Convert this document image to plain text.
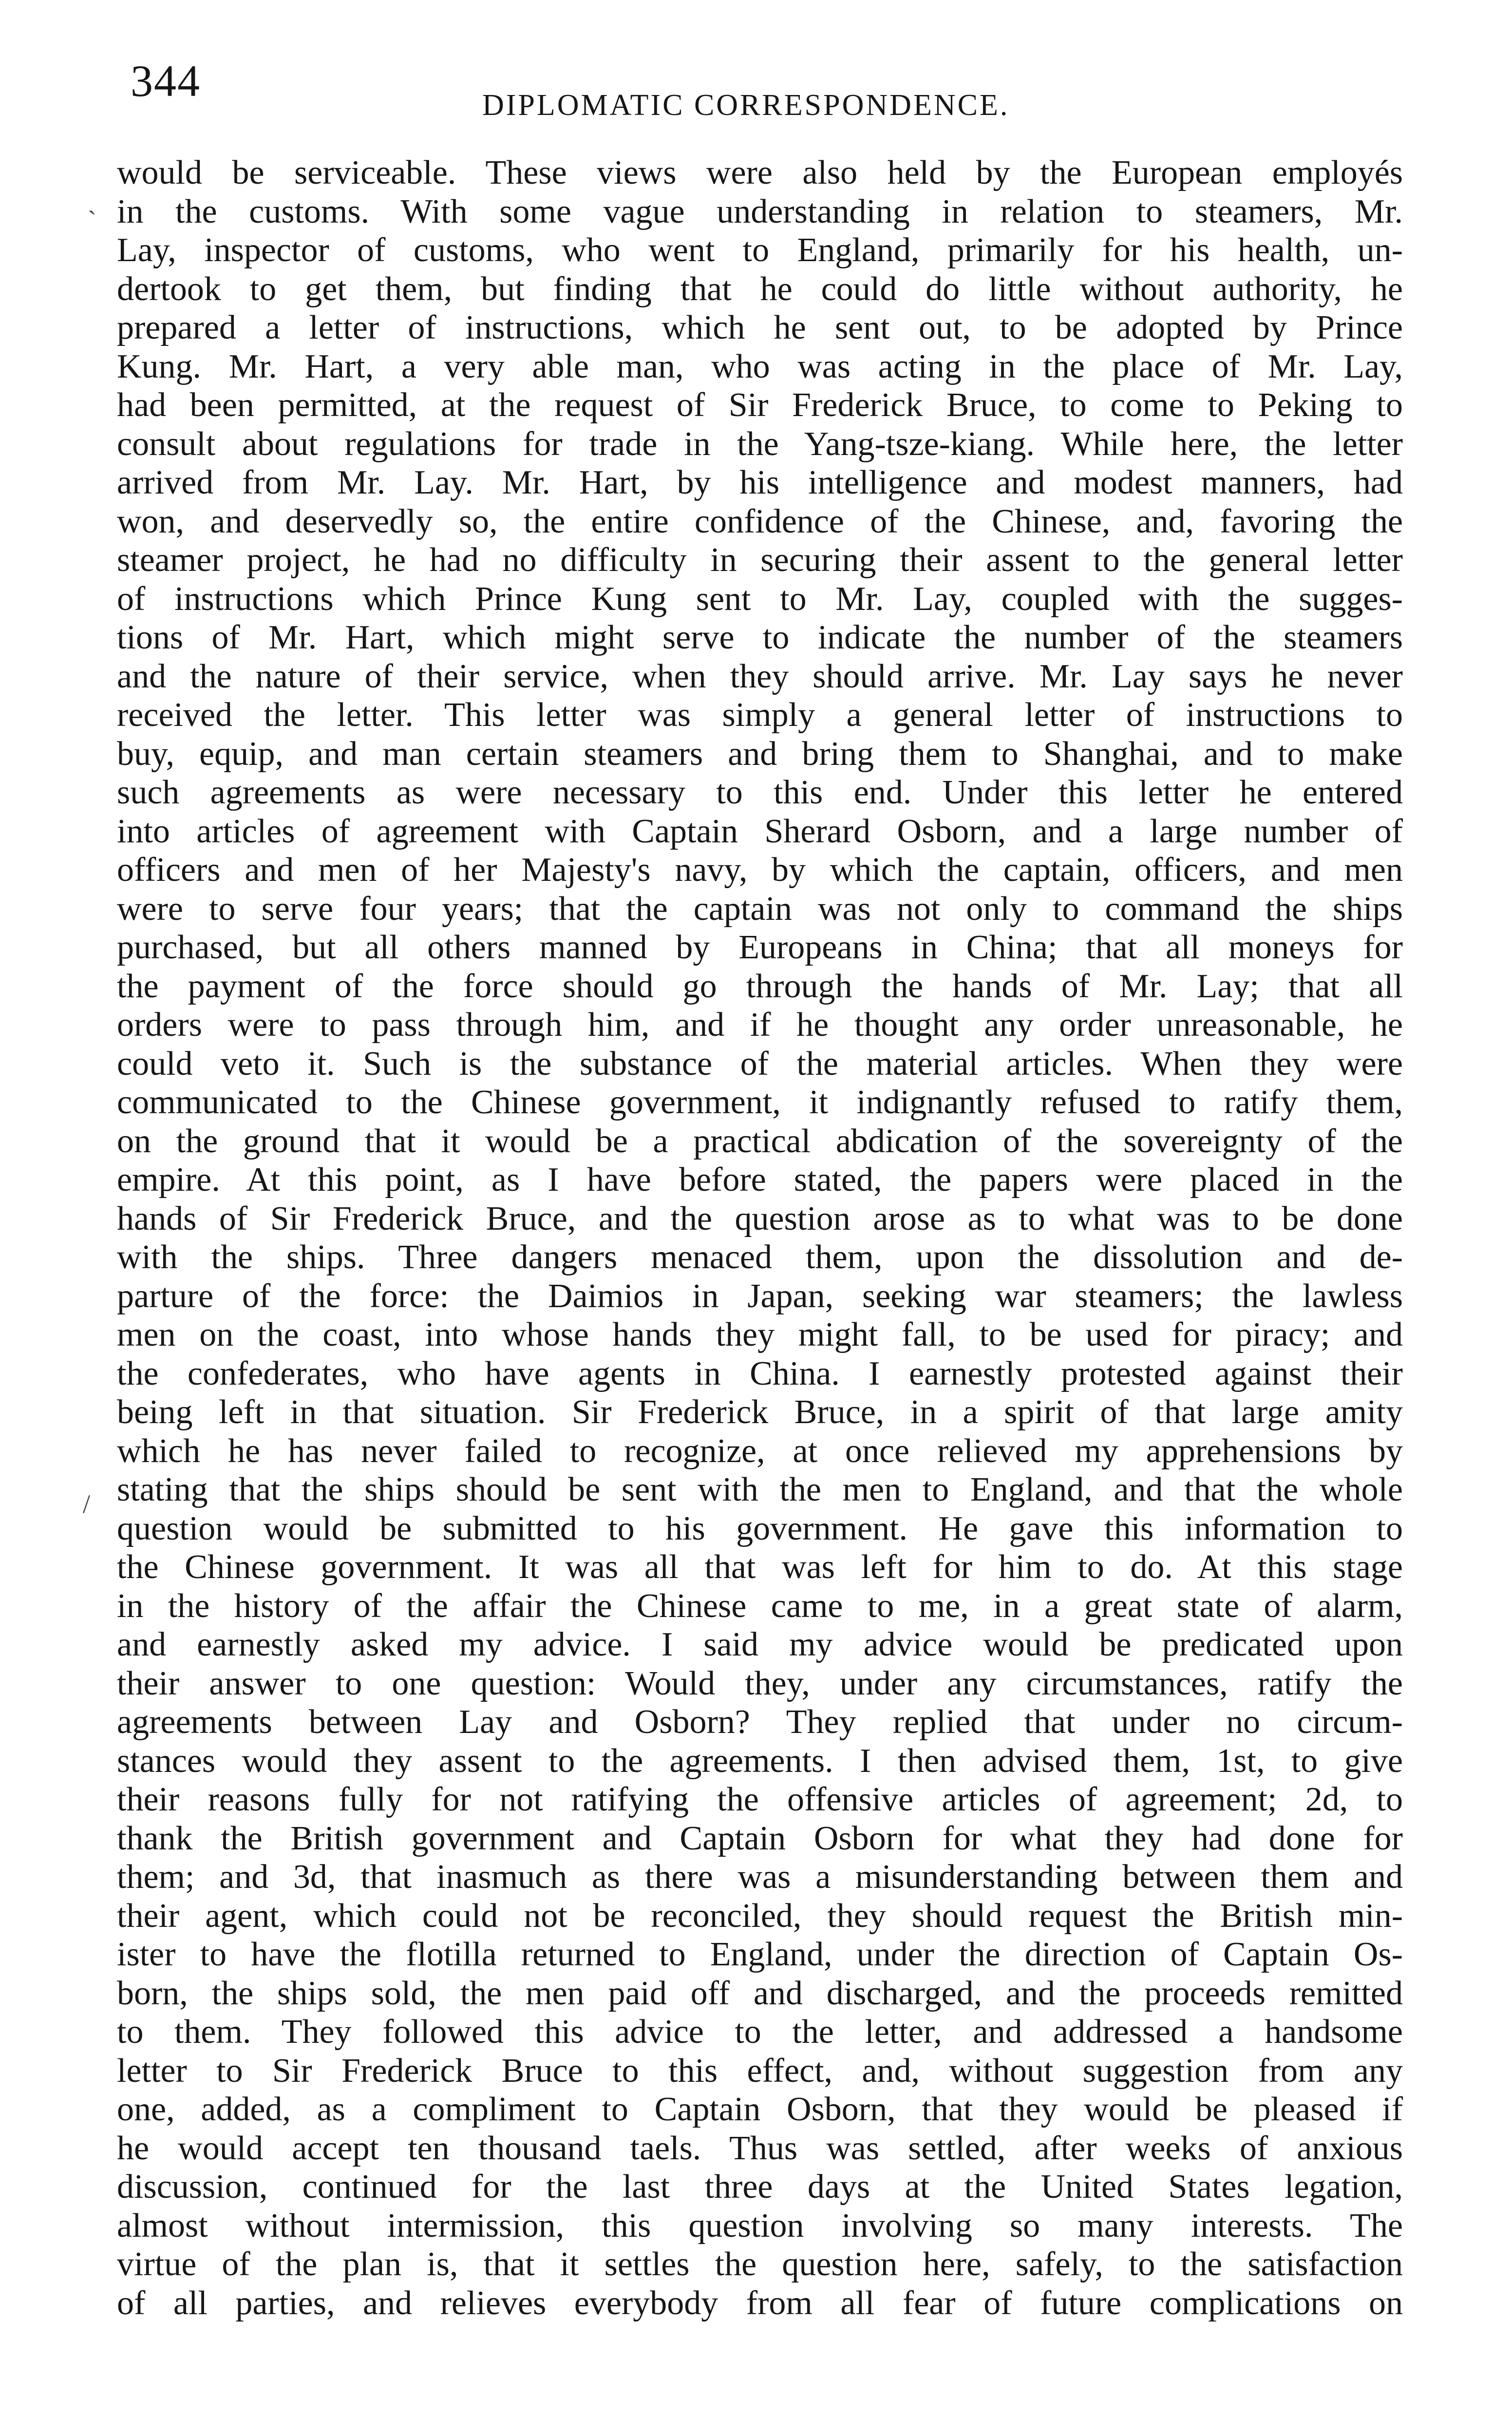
344	DIPLOMATIC CORRESPONDENCE.
`
/
would be serviceable. These views were also held by the European employés
in the customs. With some vague understanding in relation to steamers, Mr.
Lay, inspector of customs, who went to England, primarily for his health, un-
dertook to get them, but finding that he could do little without authority, he
prepared a letter of instructions, which he sent out, to be adopted by Prince
Kung. Mr. Hart, a very able man, who was acting in the place of Mr. Lay,
had been permitted, at the request of Sir Frederick Bruce, to come to Peking to
consult about regulations for trade in the Yang-tsze-kiang. While here, the letter
arrived from Mr. Lay. Mr. Hart, by his intelligence and modest manners, had
won, and deservedly so, the entire confidence of the Chinese, and, favoring the
steamer project, he had no difficulty in securing their assent to the general letter
of instructions which Prince Kung sent to Mr. Lay, coupled with the sugges-
tions of Mr. Hart, which might serve to indicate the number of the steamers
and the nature of their service, when they should arrive. Mr. Lay says he never
received the letter. This letter was simply a general letter of instructions to
buy, equip, and man certain steamers and bring them to Shanghai, and to make
such agreements as were necessary to this end. Under this letter he entered
into articles of agreement with Captain Sherard Osborn, and a large number of
officers and men of her Majesty's navy, by which the captain, officers, and men
were to serve four years; that the captain was not only to command the ships
purchased, but all others manned by Europeans in China; that all moneys for
the payment of the force should go through the hands of Mr. Lay; that all
orders were to pass through him, and if he thought any order unreasonable, he
could veto it. Such is the substance of the material articles. When they were
communicated to the Chinese government, it indignantly refused to ratify them,
on the ground that it would be a practical abdication of the sovereignty of the
empire. At this point, as I have before stated, the papers were placed in the
hands of Sir Frederick Bruce, and the question arose as to what was to be done
with the ships. Three dangers menaced them, upon the dissolution and de-
parture of the force: the Daimios in Japan, seeking war steamers; the lawless
men on the coast, into whose hands they might fall, to be used for piracy; and
the confederates, who have agents in China. I earnestly protested against their
being left in that situation. Sir Frederick Bruce, in a spirit of that large amity
which he has never failed to recognize, at once relieved my apprehensions by
stating that the ships should be sent with the men to England, and that the whole
question would be submitted to his government. He gave this information to
the Chinese government. It was all that was left for him to do. At this stage
in the history of the affair the Chinese came to me, in a great state of alarm,
and earnestly asked my advice. I said my advice would be predicated upon
their answer to one question: Would they, under any circumstances, ratify the
agreements between Lay and Osborn? They replied that under no circum-
stances would they assent to the agreements. I then advised them, 1st, to give
their reasons fully for not ratifying the offensive articles of agreement; 2d, to
thank the British government and Captain Osborn for what they had done for
them; and 3d, that inasmuch as there was a misunderstanding between them and
their agent, which could not be reconciled, they should request the British min-
ister to have the flotilla returned to England, under the direction of Captain Os-
born, the ships sold, the men paid off and discharged, and the proceeds remitted
to them. They followed this advice to the letter, and addressed a handsome
letter to Sir Frederick Bruce to this effect, and, without suggestion from any
one, added, as a compliment to Captain Osborn, that they would be pleased if
he would accept ten thousand taels. Thus was settled, after weeks of anxious
discussion, continued for the last three days at the United States legation,
almost without intermission, this question involving so many interests. The
virtue of the plan is, that it settles the question here, safely, to the satisfaction
of all parties, and relieves everybody from all fear of future complications on
